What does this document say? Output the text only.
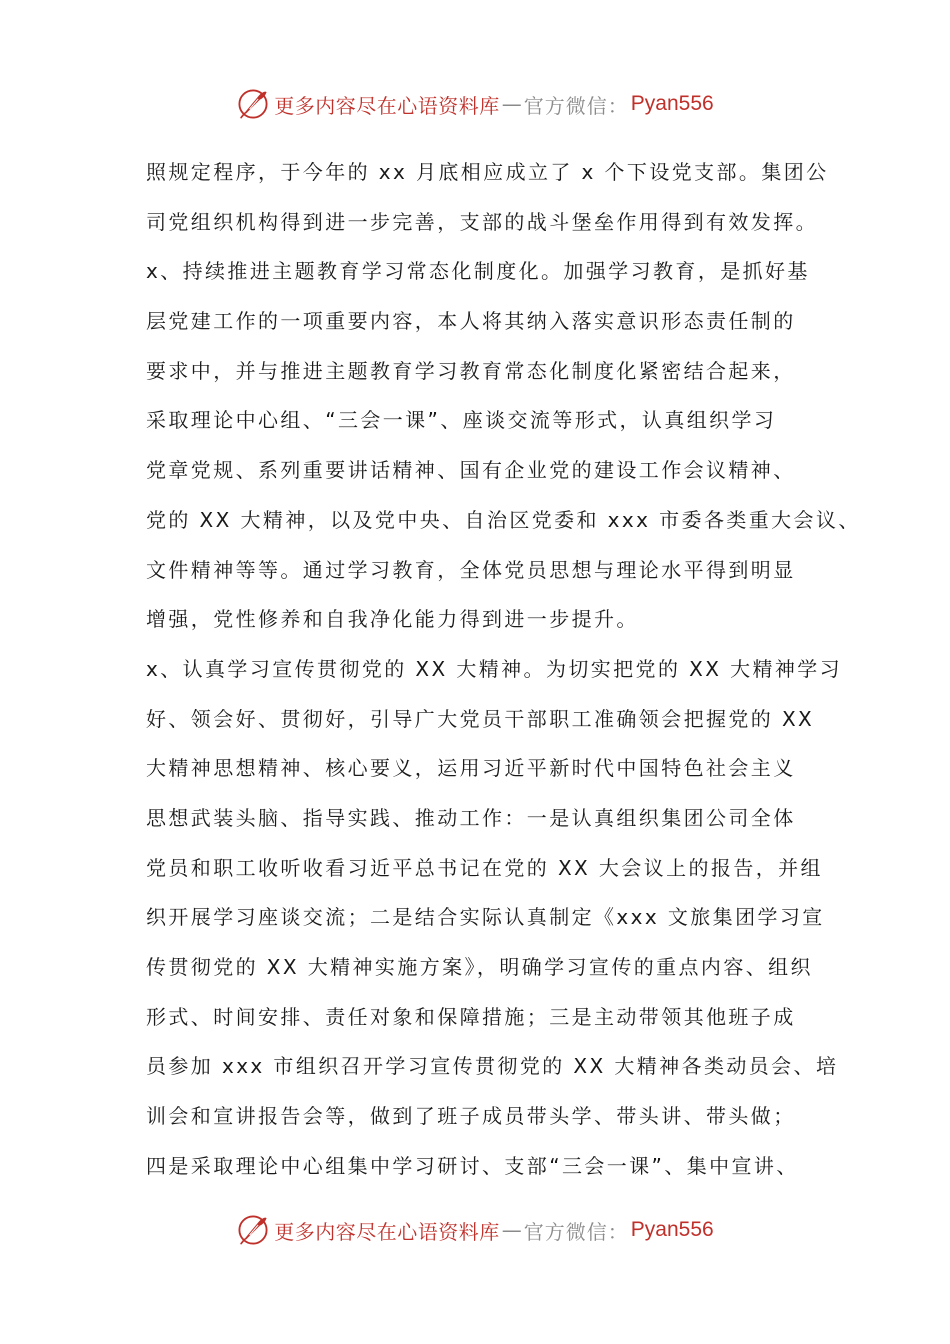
更多内容尽在心语资料库 — 官方微信： Pyan556
照规定程序，于今年的 xx 月底相应成立了 x 个下设党支部。集团公
司党组织机构得到进一步完善，支部的战斗堡垒作用得到有效发挥。
x、持续推进主题教育学习常态化制度化。加强学习教育，是抓好基
层党建工作的一项重要内容，本人将其纳入落实意识形态责任制的
要求中，并与推进主题教育学习教育常态化制度化紧密结合起来，
采取理论中心组、“三会一课”、座谈交流等形式，认真组织学习
党章党规、系列重要讲话精神、国有企业党的建设工作会议精神、
党的 XX 大精神，以及党中央、自治区党委和 xxx 市委各类重大会议、
文件精神等等。通过学习教育，全体党员思想与理论水平得到明显
增强，党性修养和自我净化能力得到进一步提升。
x、认真学习宣传贯彻党的 XX 大精神。为切实把党的 XX 大精神学习
好、领会好、贯彻好，引导广大党员干部职工准确领会把握党的 XX
大精神思想精神、核心要义，运用习近平新时代中国特色社会主义
思想武装头脑、指导实践、推动工作：一是认真组织集团公司全体
党员和职工收听收看习近平总书记在党的 XX 大会议上的报告，并组
织开展学习座谈交流；二是结合实际认真制定《xxx 文旅集团学习宣
传贯彻党的 XX 大精神实施方案》，明确学习宣传的重点内容、组织
形式、时间安排、责任对象和保障措施；三是主动带领其他班子成
员参加 xxx 市组织召开学习宣传贯彻党的 XX 大精神各类动员会、培
训会和宣讲报告会等，做到了班子成员带头学、带头讲、带头做；
四是采取理论中心组集中学习研讨、支部“三会一课”、集中宣讲、
更多内容尽在心语资料库 — 官方微信： Pyan556
